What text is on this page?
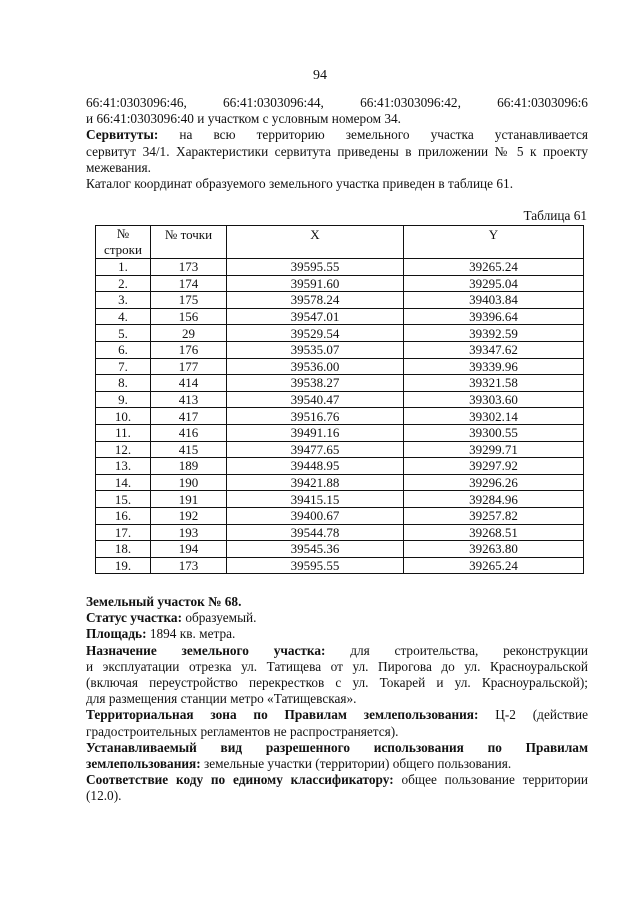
94
66:41:0303096:46,	66:41:0303096:44,	66:41:0303096:42,	66:41:0303096:6
и 66:41:0303096:40 и участком с условным номером 34.
Сервитуты: на всю территорию земельного участка устанавливается
сервитут 34/1. Характеристики сервитута приведены в приложении № 5 к проекту
межевания.
Каталог координат образуемого земельного участка приведен в таблице 61.
Таблица 61
№
строки	№ точки	X	Y
1.	173	39595.55	39265.24
2.	174	39591.60	39295.04
3.	175	39578.24	39403.84
4.	156	39547.01	39396.64
5.	29	39529.54	39392.59
6.	176	39535.07	39347.62
7.	177	39536.00	39339.96
8.	414	39538.27	39321.58
9.	413	39540.47	39303.60
10.	417	39516.76	39302.14
11.	416	39491.16	39300.55
12.	415	39477.65	39299.71
13.	189	39448.95	39297.92
14.	190	39421.88	39296.26
15.	191	39415.15	39284.96
16.	192	39400.67	39257.82
17.	193	39544.78	39268.51
18.	194	39545.36	39263.80
19.	173	39595.55	39265.24
Земельный участок № 68.
Статус участка: образуемый.
Площадь: 1894 кв. метра.
Назначение земельного участка: для строительства, реконструкции
и эксплуатации отрезка ул. Татищева от ул. Пирогова до ул. Красноуральской
(включая переустройство перекрестков с ул. Токарей и ул. Красноуральской);
для размещения станции метро «Татищевская».
Территориальная зона по Правилам землепользования: Ц-2 (действие
градостроительных регламентов не распространяется).
Устанавливаемый вид разрешенного использования по Правилам
землепользования: земельные участки (территории) общего пользования.
Соответствие коду по единому классификатору: общее пользование территории
(12.0).
